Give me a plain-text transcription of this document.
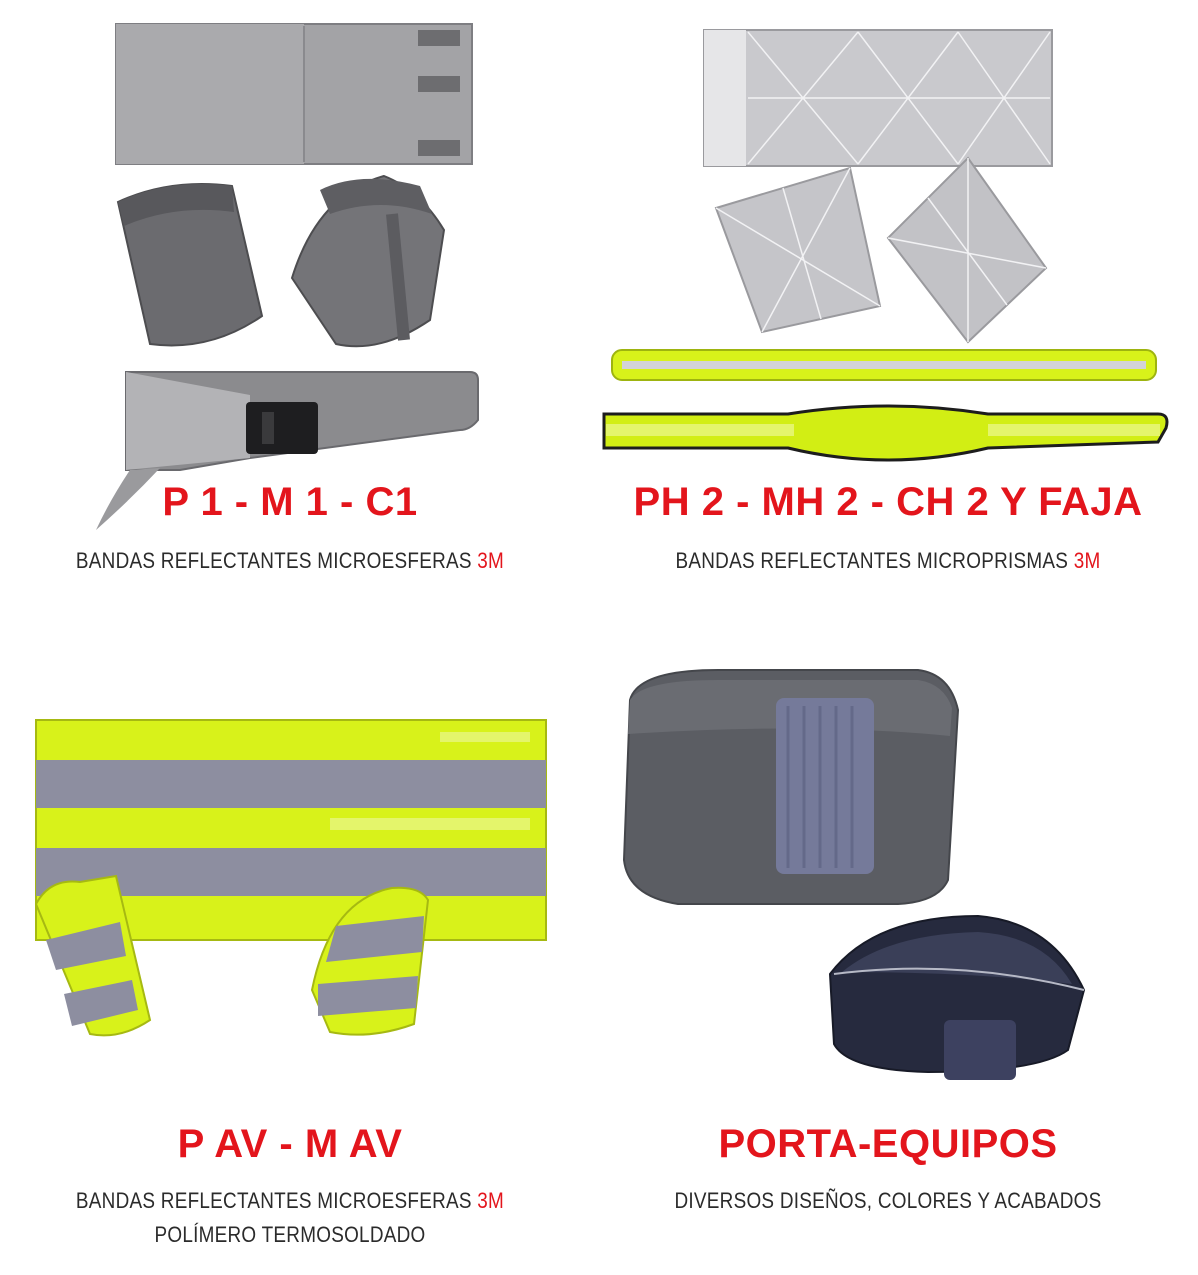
P 1 - M 1 - C1
BANDAS REFLECTANTES MICROESFERAS 3M
PH 2 - MH 2 - CH 2 Y FAJA
BANDAS REFLECTANTES MICROPRISMAS 3M
P AV - M AV
BANDAS REFLECTANTES MICROESFERAS 3M
POLÍMERO TERMOSOLDADO
PORTA-EQUIPOS
DIVERSOS DISEÑOS, COLORES Y ACABADOS
